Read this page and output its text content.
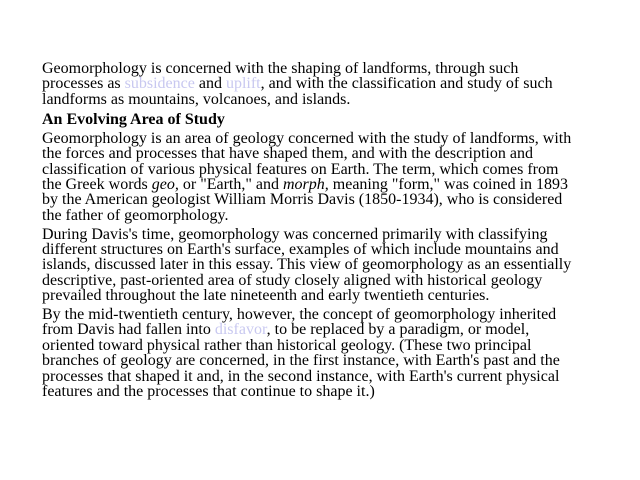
Geomorphology is concerned with the shaping of landforms, through such
processes as subsidence and uplift, and with the classification and study of such
landforms as mountains, volcanoes, and islands.
An Evolving Area of Study
Geomorphology is an area of geology concerned with the study of landforms, with
the forces and processes that have shaped them, and with the description and
classification of various physical features on Earth. The term, which comes from
the Greek words geo, or "Earth," and morph, meaning "form," was coined in 1893
by the American geologist William Morris Davis (1850-1934), who is considered
the father of geomorphology.
During Davis's time, geomorphology was concerned primarily with classifying
different structures on Earth's surface, examples of which include mountains and
islands, discussed later in this essay. This view of geomorphology as an essentially
descriptive, past-oriented area of study closely aligned with historical geology
prevailed throughout the late nineteenth and early twentieth centuries.
By the mid-twentieth century, however, the concept of geomorphology inherited
from Davis had fallen into disfavor, to be replaced by a paradigm, or model,
oriented toward physical rather than historical geology. (These two principal
branches of geology are concerned, in the first instance, with Earth's past and the
processes that shaped it and, in the second instance, with Earth's current physical
features and the processes that continue to shape it.)
